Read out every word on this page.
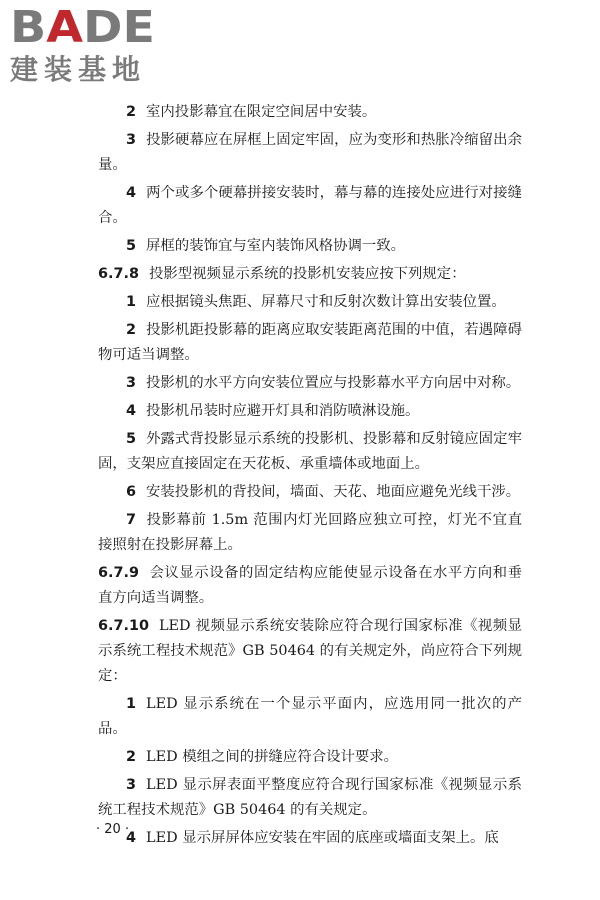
BADE
建装基地

2 室内投影幕宜在限定空间居中安装。

3 投影硬幕应在屏框上固定牢固，应为变形和热胀冷缩留出余量。

4 两个或多个硬幕拼接安装时，幕与幕的连接处应进行对接缝合。

5 屏框的装饰宜与室内装饰风格协调一致。

6.7.8 投影型视频显示系统的投影机安装应按下列规定：

1 应根据镜头焦距、屏幕尺寸和反射次数计算出安装位置。

2 投影机距投影幕的距离应取安装距离范围的中值，若遇障碍物可适当调整。

3 投影机的水平方向安装位置应与投影幕水平方向居中对称。

4 投影机吊装时应避开灯具和消防喷淋设施。

5 外露式背投影显示系统的投影机、投影幕和反射镜应固定牢固，支架应直接固定在天花板、承重墙体或地面上。

6 安装投影机的背投间，墙面、天花、地面应避免光线干涉。

7 投影幕前 1.5m 范围内灯光回路应独立可控，灯光不宜直接照射在投影屏幕上。

6.7.9 会议显示设备的固定结构应能使显示设备在水平方向和垂直方向适当调整。

6.7.10 LED 视频显示系统安装除应符合现行国家标准《视频显示系统工程技术规范》GB 50464 的有关规定外，尚应符合下列规定：

1 LED 显示系统在一个显示平面内，应选用同一批次的产品。

2 LED 模组之间的拼缝应符合设计要求。

3 LED 显示屏表面平整度应符合现行国家标准《视频显示系统工程技术规范》GB 50464 的有关规定。

4 LED 显示屏屏体应安装在牢固的底座或墙面支架上。底

· 20 ·
